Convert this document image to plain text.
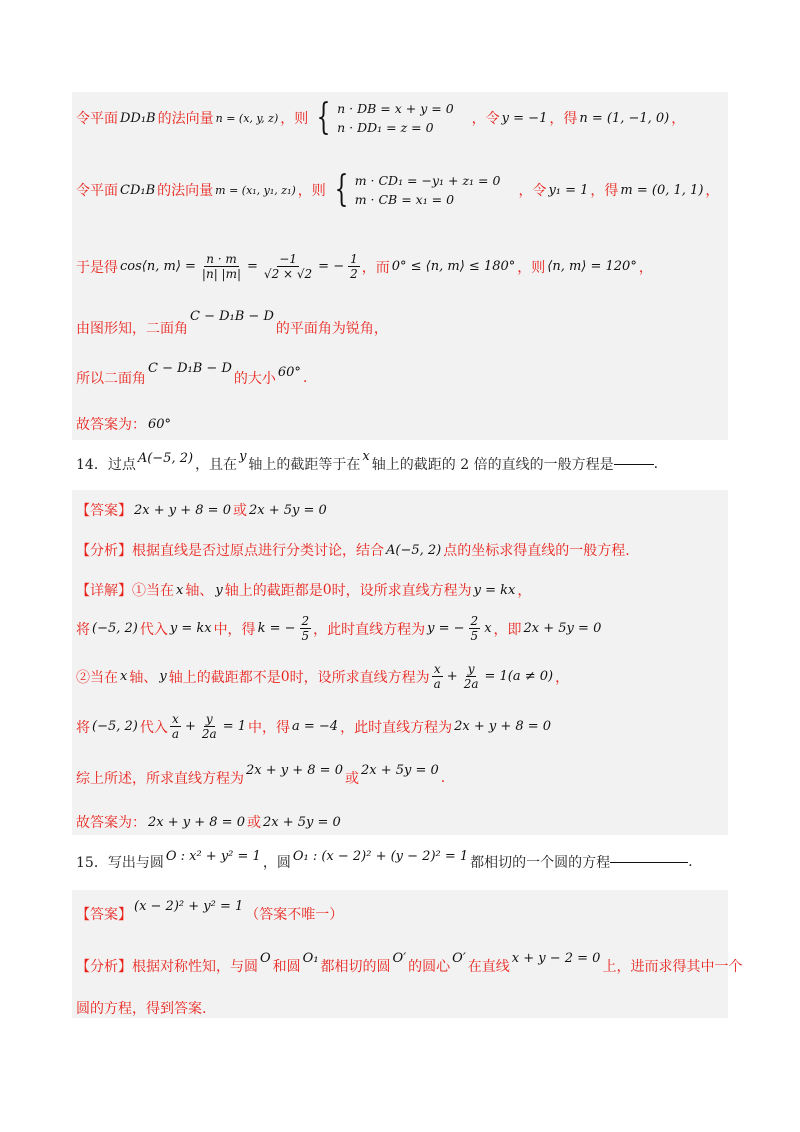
令平面 DD₁B 的法向量 n = (x, y, z) ，则 { n · DB = x + y = 0
n · DD₁ = z = 0
，令 y = −1 ，得 n = (1, −1, 0) ，
令平面 CD₁B 的法向量 m = (x₁, y₁, z₁) ，则 { m · CD₁ = −y₁ + z₁ = 0
m · CB = x₁ = 0
，令 y₁ = 1 ，得 m = (0, 1, 1) ，
于是得 cos⟨n, m⟩ = $\frac{n \cdot m}{|n| |m|} = \frac{-1}{√2 \times √2}$ = − $\frac{1}{2}$ ，而 0° ≤ ⟨n, m⟩ ≤ 180° ，则 ⟨n, m⟩ = 120° ，
由图形知，二面角
C − D₁B − D
的平面角为锐角，
所以二面角
C − D₁B − D
的大小 60° .
故答案为： 60°
14．过点 A(−5, 2) ，且在
y
轴上的截距等于在
x
轴上的截距的 2 倍的直线的一般方程是	.
【答案】 2x + y + 8 = 0 或 2x + 5y = 0
【分析】 根据直线是否过原点进行分类讨论，结合 A(−5, 2) 点的坐标求得直线的一般方程.
【详解】 ①当在 x 轴、 y 轴上的截距都是 0 时，设所求直线方程为 y = kx ，
将 (−5, 2) 代入 y = kx 中，得 k = − $\frac{2}{5}$ ，此时直线方程为 y = − $\frac{2}{5}$ x ，即 2x + 5y = 0
②当在 x 轴、 y 轴上的截距都不是 0 时，设所求直线方程为 $\frac{x}{a} + \frac{y}{2a} = 1(a \ne 0)$ ，
将 (−5, 2) 代入 $\frac{x}{a} + \frac{y}{2a} = 1$ 中，得 a = −4 ，此时直线方程为 2x + y + 8 = 0
综上所述，所求直线方程为
2x + y + 8 = 0
或
2x + 5y = 0 .
故答案为： 2x + y + 8 = 0 或 2x + 5y = 0
15．写出与圆 O : x² + y² = 1 ，圆 O₁ : (x − 2)² + (y − 2)² = 1 都相切的一个圆的方程	.
【答案】
(x − 2)² + y² = 1
（答案不唯一）
【分析】 根据对称性知，与圆
O
和圆
O₁
都相切的圆
O′
的圆心
O′
在直线
x + y − 2 = 0
上，进而求得其中一个
圆的方程，得到答案.
